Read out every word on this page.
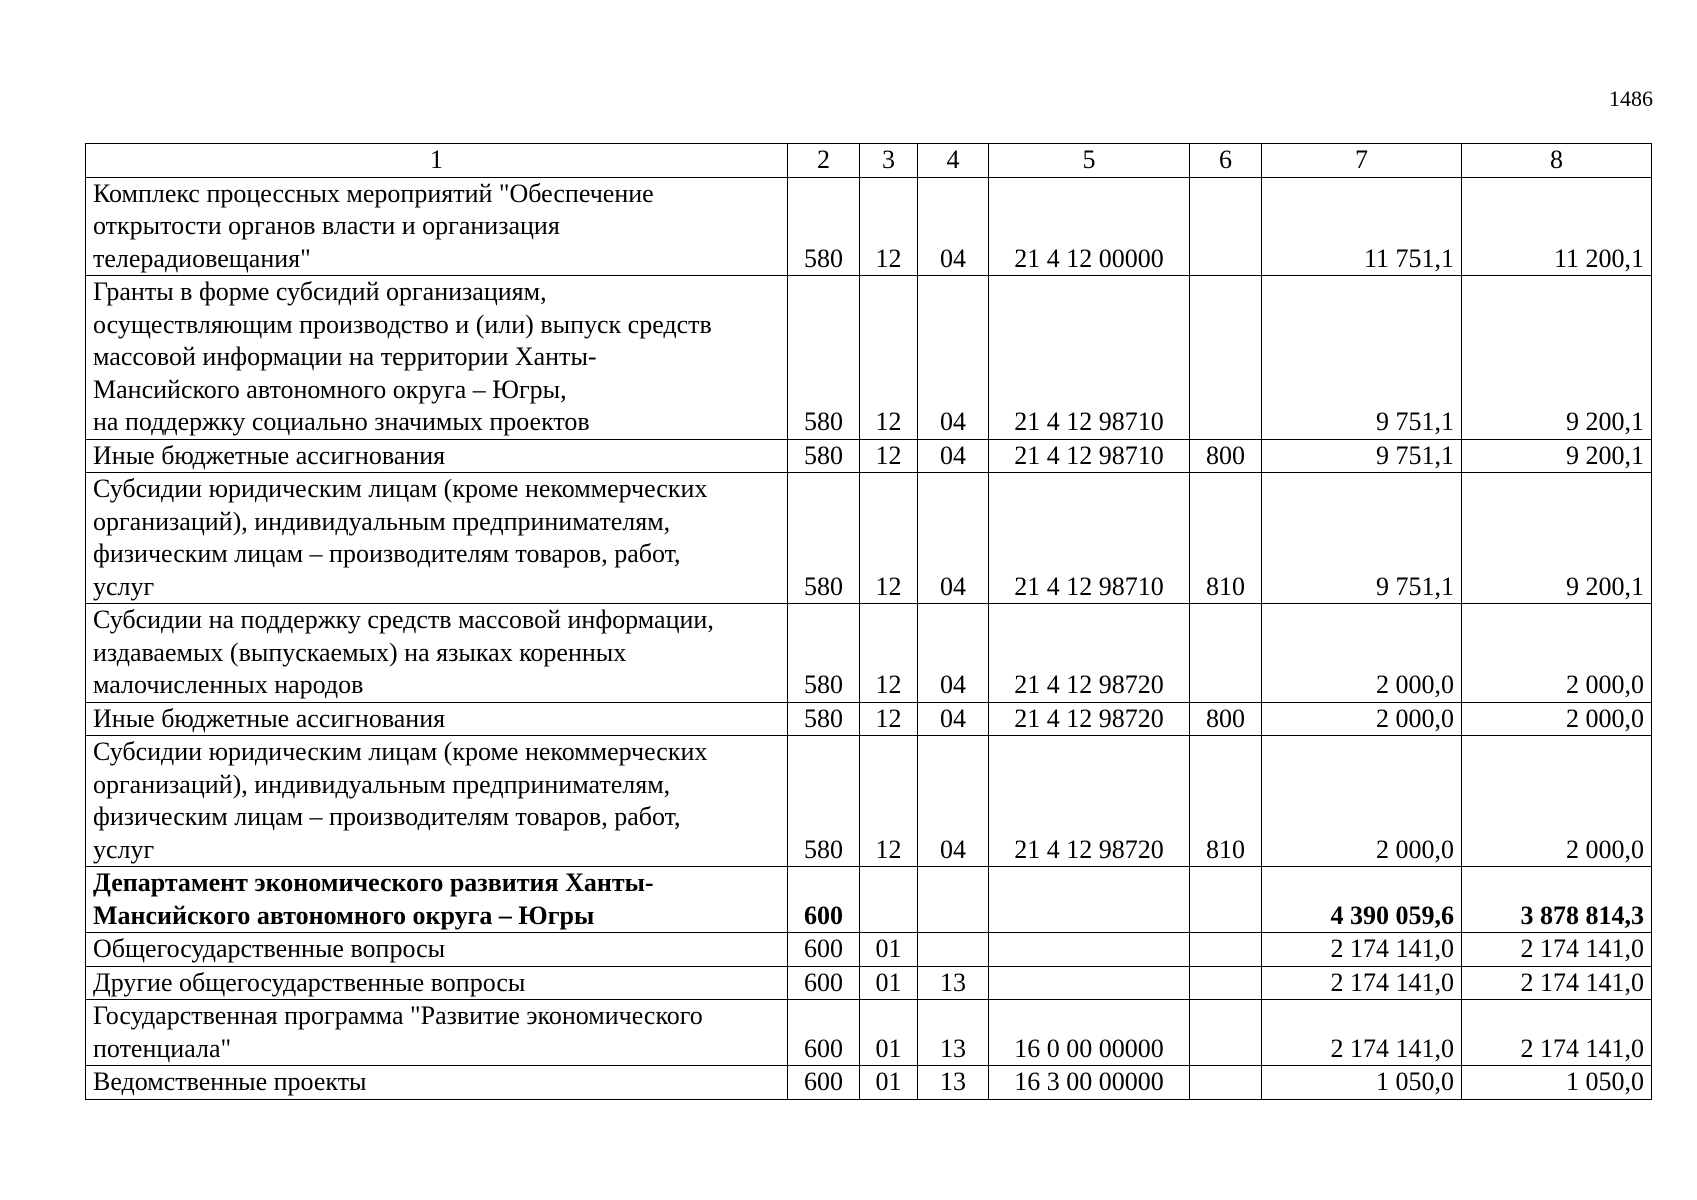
1486
1	2	3	4	5	6	7	8
Комплекс процессных мероприятий "Обеспечение
открытости органов власти и организация
телерадиовещания"	580	12	04	21 4 12 00000		11 751,1	11 200,1
Гранты в форме субсидий организациям,
осуществляющим производство и (или) выпуск средств
массовой информации на территории Ханты-
Мансийского автономного округа – Югры,
на поддержку социально значимых проектов	580	12	04	21 4 12 98710		9 751,1	9 200,1
Иные бюджетные ассигнования	580	12	04	21 4 12 98710	800	9 751,1	9 200,1
Субсидии юридическим лицам (кроме некоммерческих
организаций), индивидуальным предпринимателям,
физическим лицам – производителям товаров, работ,
услуг	580	12	04	21 4 12 98710	810	9 751,1	9 200,1
Субсидии на поддержку средств массовой информации,
издаваемых (выпускаемых) на языках коренных
малочисленных народов	580	12	04	21 4 12 98720		2 000,0	2 000,0
Иные бюджетные ассигнования	580	12	04	21 4 12 98720	800	2 000,0	2 000,0
Субсидии юридическим лицам (кроме некоммерческих
организаций), индивидуальным предпринимателям,
физическим лицам – производителям товаров, работ,
услуг	580	12	04	21 4 12 98720	810	2 000,0	2 000,0
Департамент экономического развития Ханты-
Мансийского автономного округа – Югры	600					4 390 059,6	3 878 814,3
Общегосударственные вопросы	600	01				2 174 141,0	2 174 141,0
Другие общегосударственные вопросы	600	01	13			2 174 141,0	2 174 141,0
Государственная программа "Развитие экономического
потенциала"	600	01	13	16 0 00 00000		2 174 141,0	2 174 141,0
Ведомственные проекты	600	01	13	16 3 00 00000		1 050,0	1 050,0
